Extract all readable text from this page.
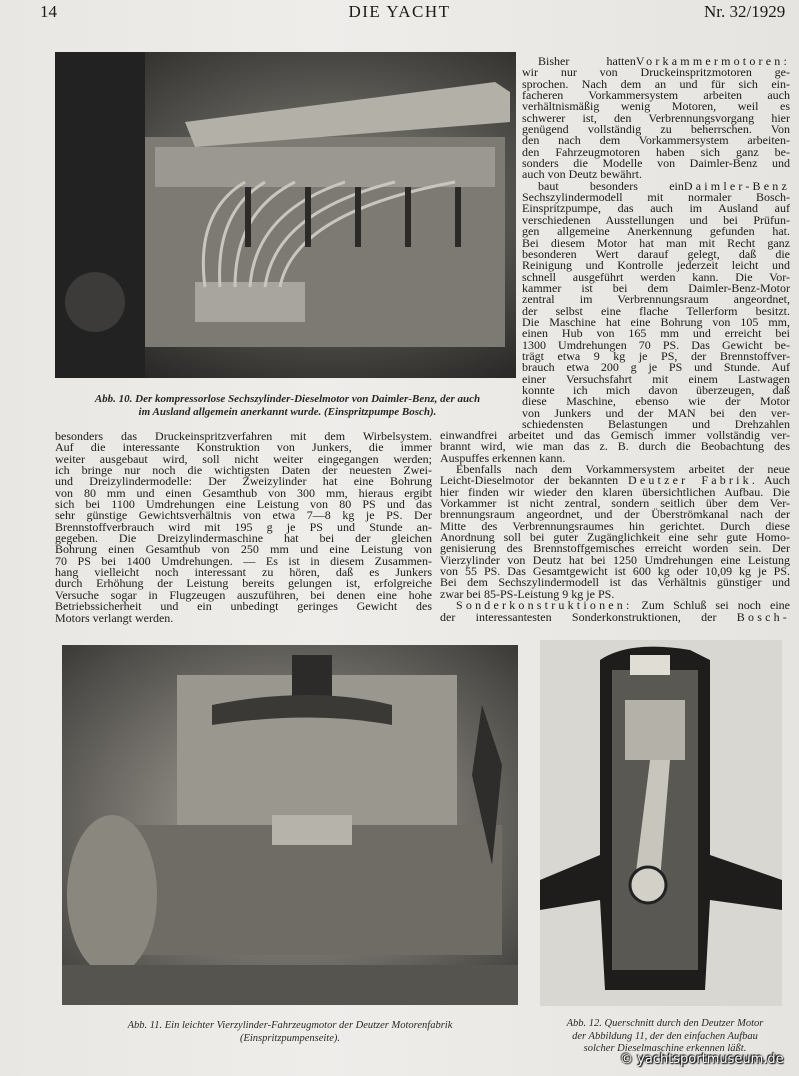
14	DIE YACHT	Nr. 32/1929
Abb. 10. Der kompressorlose Sechszylinder-Dieselmotor von Daimler-Benz, der auch
im Ausland allgemein anerkannt wurde. (Einspritzpumpe Bosch).
Bisher hattenVorkammermotoren:
wir nur von Druckeinspritzmotoren ge-
sprochen. Nach dem an und für sich ein-
facheren Vorkammersystem arbeiten auch
verhältnismäßig wenig Motoren, weil es
schwerer ist, den Verbrennungsvorgang hier
genügend vollständig zu beherrschen. Von
den nach dem Vorkammersystem arbeiten-
den Fahrzeugmotoren haben sich ganz be-
sonders die Modelle von Daimler-Benz und
auch von Deutz bewährt.
baut besonders einDaimler-Benz
Sechszylindermodell mit normaler Bosch-
Einspritzpumpe, das auch im Ausland auf
verschiedenen Ausstellungen und bei Prüfun-
gen allgemeine Anerkennung gefunden hat.
Bei diesem Motor hat man mit Recht ganz
besonderen Wert darauf gelegt, daß die
Reinigung und Kontrolle jederzeit leicht und
schnell ausgeführt werden kann. Die Vor-
kammer ist bei dem Daimler-Benz-Motor
zentral im Verbrennungsraum angeordnet,
der selbst eine flache Tellerform besitzt.
Die Maschine hat eine Bohrung von 105 mm,
einen Hub von 165 mm und erreicht bei
1300 Umdrehungen 70 PS. Das Gewicht be-
trägt etwa 9 kg je PS, der Brennstoffver-
brauch etwa 200 g je PS und Stunde. Auf
einer Versuchsfahrt mit einem Lastwagen
konnte ich mich davon überzeugen, daß
diese Maschine, ebenso wie der Motor
von Junkers und der MAN bei den ver-
schiedensten Belastungen und Drehzahlen
einwandfrei arbeitet und das Gemisch immer vollständig ver-
brannt wird, wie man das z. B. durch die Beobachtung des
Auspuffes erkennen kann.
Ebenfalls nach dem Vorkammersystem arbeitet der neue
Leicht-Dieselmotor der bekannten Deutzer Fabrik. Auch
hier finden wir wieder den klaren übersichtlichen Aufbau. Die
Vorkammer ist nicht zentral, sondern seitlich über dem Ver-
brennungsraum angeordnet, und der Überströmkanal nach der
Mitte des Verbrennungsraumes hin gerichtet. Durch diese
Anordnung soll bei guter Zugänglichkeit eine sehr gute Homo-
genisierung des Brennstoffgemisches erreicht worden sein. Der
Vierzylinder von Deutz hat bei 1250 Umdrehungen eine Leistung
von 55 PS. Das Gesamtgewicht ist 600 kg oder 10,09 kg je PS.
Bei dem Sechszylindermodell ist das Verhältnis günstiger und
zwar bei 85-PS-Leistung 9 kg je PS.
Sonderkonstruktionen: Zum Schluß sei noch eine
der interessantesten Sonderkonstruktionen, der Bosch-
besonders das Druckeinspritzverfahren mit dem Wirbelsystem.
Auf die interessante Konstruktion von Junkers, die immer
weiter ausgebaut wird, soll nicht weiter eingegangen werden;
ich bringe nur noch die wichtigsten Daten der neuesten Zwei-
und Dreizylindermodelle: Der Zweizylinder hat eine Bohrung
von 80 mm und einen Gesamthub von 300 mm, hieraus ergibt
sich bei 1100 Umdrehungen eine Leistung von 80 PS und das
sehr günstige Gewichtsverhältnis von etwa 7—8 kg je PS. Der
Brennstoffverbrauch wird mit 195 g je PS und Stunde an-
gegeben. Die Dreizylindermaschine hat bei der gleichen
Bohrung einen Gesamthub von 250 mm und eine Leistung von
70 PS bei 1400 Umdrehungen. — Es ist in diesem Zusammen-
hang vielleicht noch interessant zu hören, daß es Junkers
durch Erhöhung der Leistung bereits gelungen ist, erfolgreiche
Versuche sogar in Flugzeugen auszuführen, bei denen eine hohe
Betriebssicherheit und ein unbedingt geringes Gewicht des
Motors verlangt werden.
Abb. 11. Ein leichter Vierzylinder-Fahrzeugmotor der Deutzer Motorenfabrik
(Einspritzpumpenseite).
Abb. 12. Querschnitt durch den Deutzer Motor
der Abbildung 11, der den einfachen Aufbau
solcher Dieselmaschine erkennen läßt.
© yachtsportmuseum.de
